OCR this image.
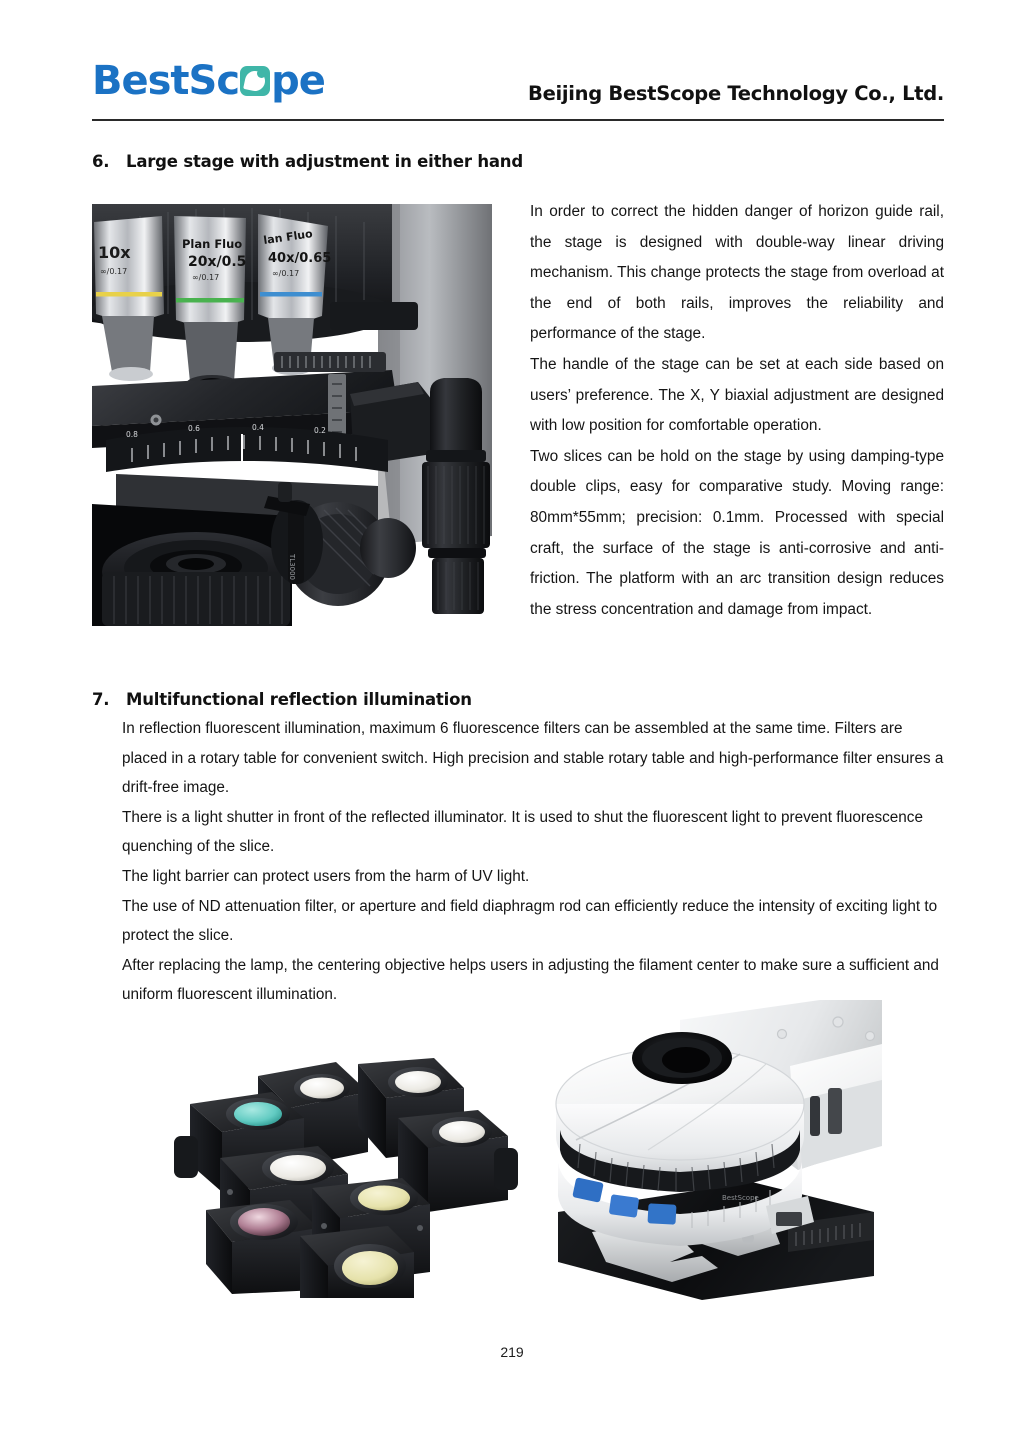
BestSc pe	Beijing BestScope Technology Co., Ltd.
6. Large stage with adjustment in either hand
10x
∞/0.17
Plan Fluo
20x/0.5
∞/0.17
lan Fluo
40x/0.65
∞/0.17
0.8
0.6	0.4	0.2
TL3000

In order to correct the hidden danger of horizon guide rail, the stage is designed with double-way linear driving mechanism. This change protects the stage from overload at the end of both rails, improves the reliability and performance of the stage.

The handle of the stage can be set at each side based on users’ preference. The X, Y biaxial adjustment are designed with low position for comfortable operation.

Two slices can be hold on the stage by using damping-type double clips, easy for comparative study. Moving range: 80mm*55mm; precision: 0.1mm. Processed with special craft, the surface of the stage is anti-corrosive and anti-friction. The platform with an arc transition design reduces the stress concentration and damage from impact.

7. Multifunctional reflection illumination

In reflection fluorescent illumination, maximum 6 fluorescence filters can be assembled at the same time. Filters are placed in a rotary table for convenient switch. High precision and stable rotary table and high-performance filter ensures a drift-free image.

There is a light shutter in front of the reflected illuminator. It is used to shut the fluorescent light to prevent fluorescence quenching of the slice.

The light barrier can protect users from the harm of UV light.

The use of ND attenuation filter, or aperture and field diaphragm rod can efficiently reduce the intensity of exciting light to protect the slice.

After replacing the lamp, the centering objective helps users in adjusting the filament center to make sure a sufficient and uniform fluorescent illumination.

BestScope
219
